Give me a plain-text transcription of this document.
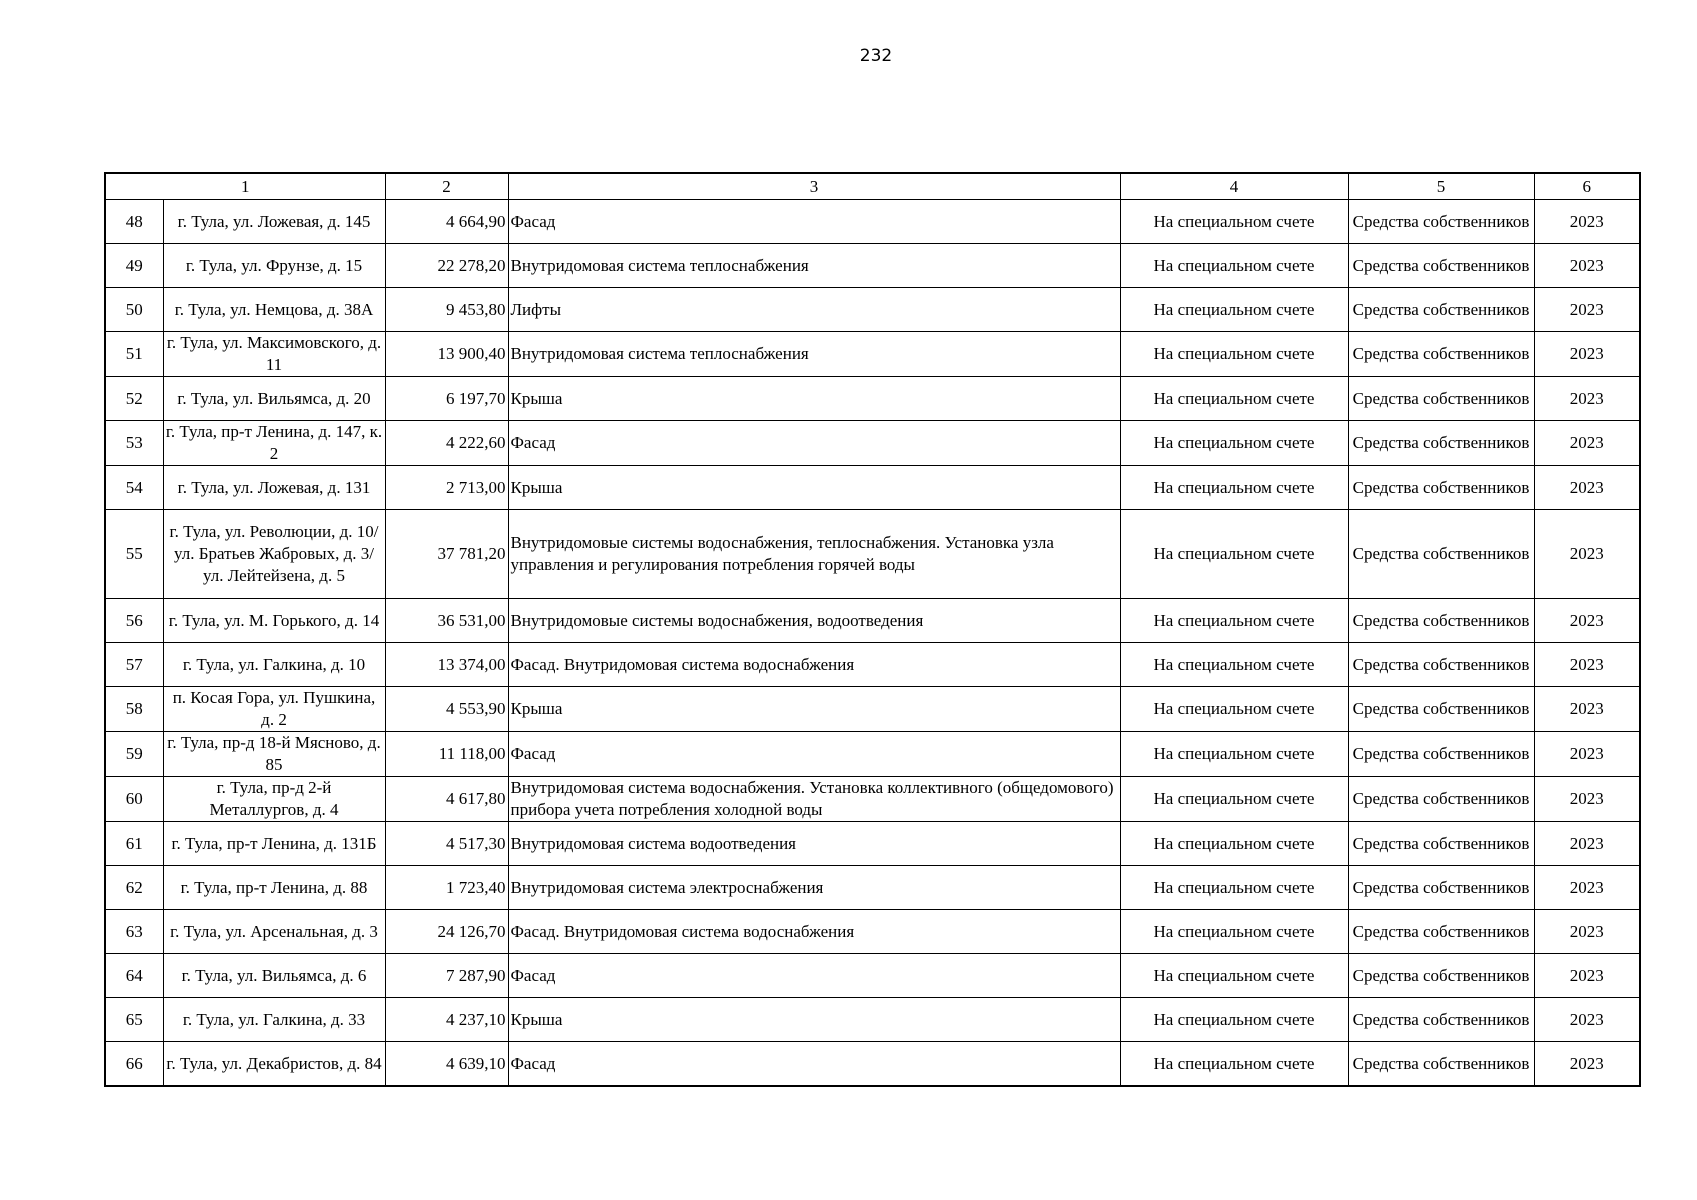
232
1		2	3	4	5	6
48	г. Тула, ул. Ложевая, д. 145	4 664,90	Фасад	На специальном счете	Средства собственников	2023
49	г. Тула, ул. Фрунзе, д. 15	22 278,20	Внутридомовая система теплоснабжения	На специальном счете	Средства собственников	2023
50	г. Тула, ул. Немцова, д. 38А	9 453,80	Лифты	На специальном счете	Средства собственников	2023
51	г. Тула, ул. Максимовского, д. 11	13 900,40	Внутридомовая система теплоснабжения	На специальном счете	Средства собственников	2023
52	г. Тула, ул. Вильямса, д. 20	6 197,70	Крыша	На специальном счете	Средства собственников	2023
53	г. Тула, пр-т Ленина, д. 147, к. 2	4 222,60	Фасад	На специальном счете	Средства собственников	2023
54	г. Тула, ул. Ложевая, д. 131	2 713,00	Крыша	На специальном счете	Средства собственников	2023
55	г. Тула, ул. Революции, д. 10/ ул. Братьев Жабровых, д. 3/ ул. Лейтейзена, д. 5	37 781,20	Внутридомовые системы водоснабжения, теплоснабжения. Установка узла управления и регулирования потребления горячей воды	На специальном счете	Средства собственников	2023
56	г. Тула, ул. М. Горького, д. 14	36 531,00	Внутридомовые системы водоснабжения, водоотведения	На специальном счете	Средства собственников	2023
57	г. Тула, ул. Галкина, д. 10	13 374,00	Фасад. Внутридомовая система водоснабжения	На специальном счете	Средства собственников	2023
58	п. Косая Гора, ул. Пушкина, д. 2	4 553,90	Крыша	На специальном счете	Средства собственников	2023
59	г. Тула, пр-д 18-й Мясново, д. 85	11 118,00	Фасад	На специальном счете	Средства собственников	2023
60	г. Тула, пр-д 2-й Металлургов, д. 4	4 617,80	Внутридомовая система водоснабжения. Установка коллективного (общедомового) прибора учета потребления холодной воды	На специальном счете	Средства собственников	2023
61	г. Тула, пр-т Ленина, д. 131Б	4 517,30	Внутридомовая система водоотведения	На специальном счете	Средства собственников	2023
62	г. Тула, пр-т Ленина, д. 88	1 723,40	Внутридомовая система электроснабжения	На специальном счете	Средства собственников	2023
63	г. Тула, ул. Арсенальная, д. 3	24 126,70	Фасад. Внутридомовая система водоснабжения	На специальном счете	Средства собственников	2023
64	г. Тула, ул. Вильямса, д. 6	7 287,90	Фасад	На специальном счете	Средства собственников	2023
65	г. Тула, ул. Галкина, д. 33	4 237,10	Крыша	На специальном счете	Средства собственников	2023
66	г. Тула, ул. Декабристов, д. 84	4 639,10	Фасад	На специальном счете	Средства собственников	2023
